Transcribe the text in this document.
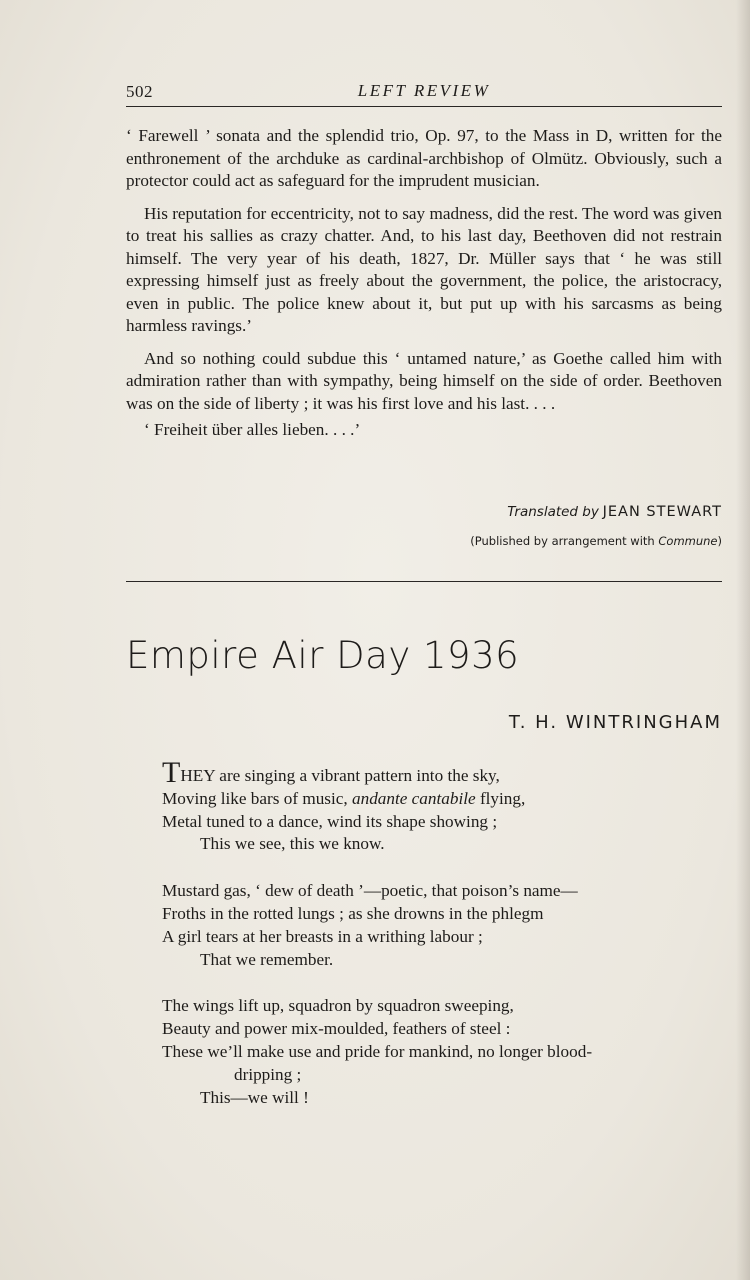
502	LEFT REVIEW

‘ Farewell ’ sonata and the splendid trio, Op. 97, to the Mass in D, written for the enthronement of the archduke as cardinal-archbishop of Olmütz. Obviously, such a protector could act as safeguard for the imprudent musician.

His reputation for eccentricity, not to say madness, did the rest. The word was given to treat his sallies as crazy chatter. And, to his last day, Beethoven did not restrain himself. The very year of his death, 1827, Dr. Müller says that ‘ he was still expressing himself just as freely about the government, the police, the aristocracy, even in public. The police knew about it, but put up with his sarcasms as being harmless ravings.’

And so nothing could subdue this ‘ untamed nature,’ as Goethe called him with admiration rather than with sympathy, being himself on the side of order. Beethoven was on the side of liberty ; it was his first love and his last. . . .

‘ Freiheit über alles lieben. . . .’

Translated by JEAN STEWART
(Published by arrangement with Commune)
Empire Air Day 1936
T. H. WINTRINGHAM
THEY are singing a vibrant pattern into the sky,
Moving like bars of music, andante cantabile flying,
Metal tuned to a dance, wind its shape showing ;
This we see, this we know.
Mustard gas, ‘ dew of death ’—poetic, that poison’s name—
Froths in the rotted lungs ; as she drowns in the phlegm
A girl tears at her breasts in a writhing labour ;
That we remember.
The wings lift up, squadron by squadron sweeping,
Beauty and power mix-moulded, feathers of steel :
These we’ll make use and pride for mankind, no longer blood-
dripping ;
This—we will !
